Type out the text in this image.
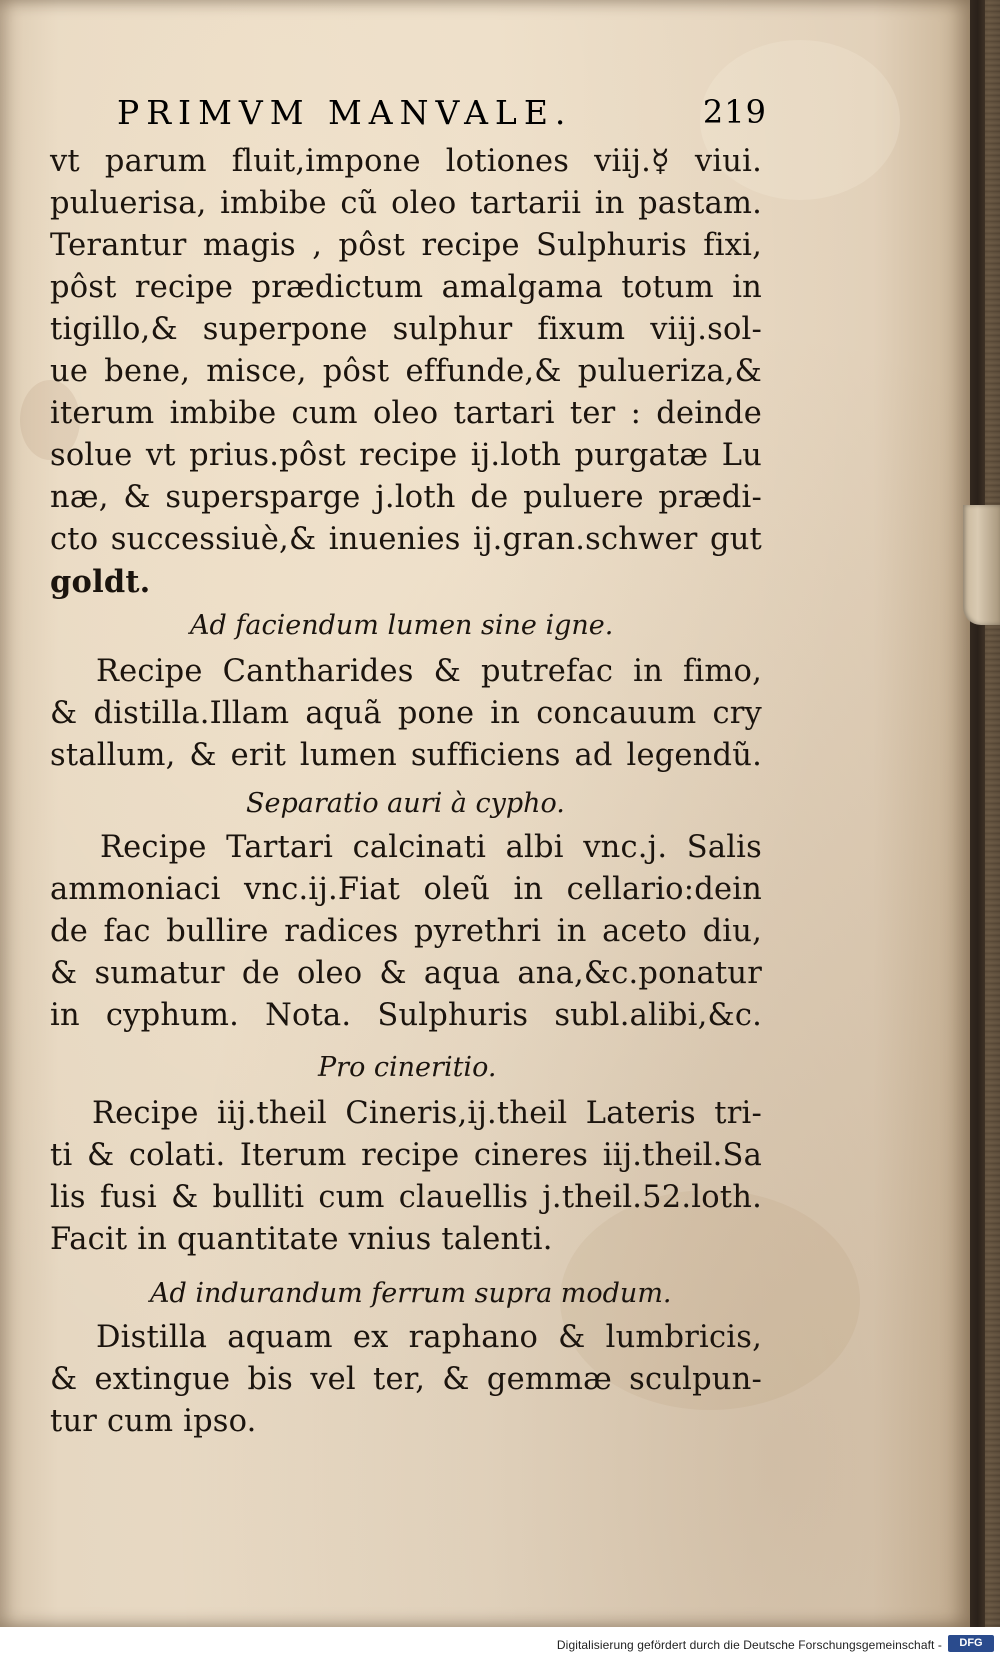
PRIMVM MANVALE.	219
vt parum fluit,impone lotiones viij.☿ viui.
puluerisa, imbibe cũ oleo tartarii in pastam.
Terantur magis , pôst recipe Sulphuris fixi,
pôst recipe prædictum amalgama totum in
tigillo,& superpone sulphur fixum viij.sol-
ue bene, misce, pôst effunde,& pulueriza,&
iterum imbibe cum oleo tartari ter : deinde
solue vt prius.pôst recipe ij.loth purgatæ Lu
næ, & supersparge j.loth de puluere prædi-
cto successiuè,& inuenies ij.gran.schwer gut
goldt.
Ad faciendum lumen sine igne.
Recipe Cantharides & putrefac in fimo,
& distilla.Illam aquã pone in concauum cry
stallum, & erit lumen sufficiens ad legendũ.
Separatio auri à cypho.
Recipe Tartari calcinati albi vnc.j. Salis
ammoniaci vnc.ij.Fiat oleũ in cellario:dein
de fac bullire radices pyrethri in aceto diu,
& sumatur de oleo & aqua ana,&c.ponatur
in cyphum. Nota. Sulphuris subl.alibi,&c.
Pro cineritio.
Recipe iij.theil Cineris,ij.theil Lateris tri-
ti & colati. Iterum recipe cineres iij.theil.Sa
lis fusi & bulliti cum clauellis j.theil.52.loth.
Facit in quantitate vnius talenti.
Ad indurandum ferrum supra modum.
Distilla aquam ex raphano & lumbricis,
& extingue bis vel ter, & gemmæ sculpun-
tur cum ipso.
Digitalisierung gefördert durch die Deutsche Forschungsgemeinschaft -	DFG
